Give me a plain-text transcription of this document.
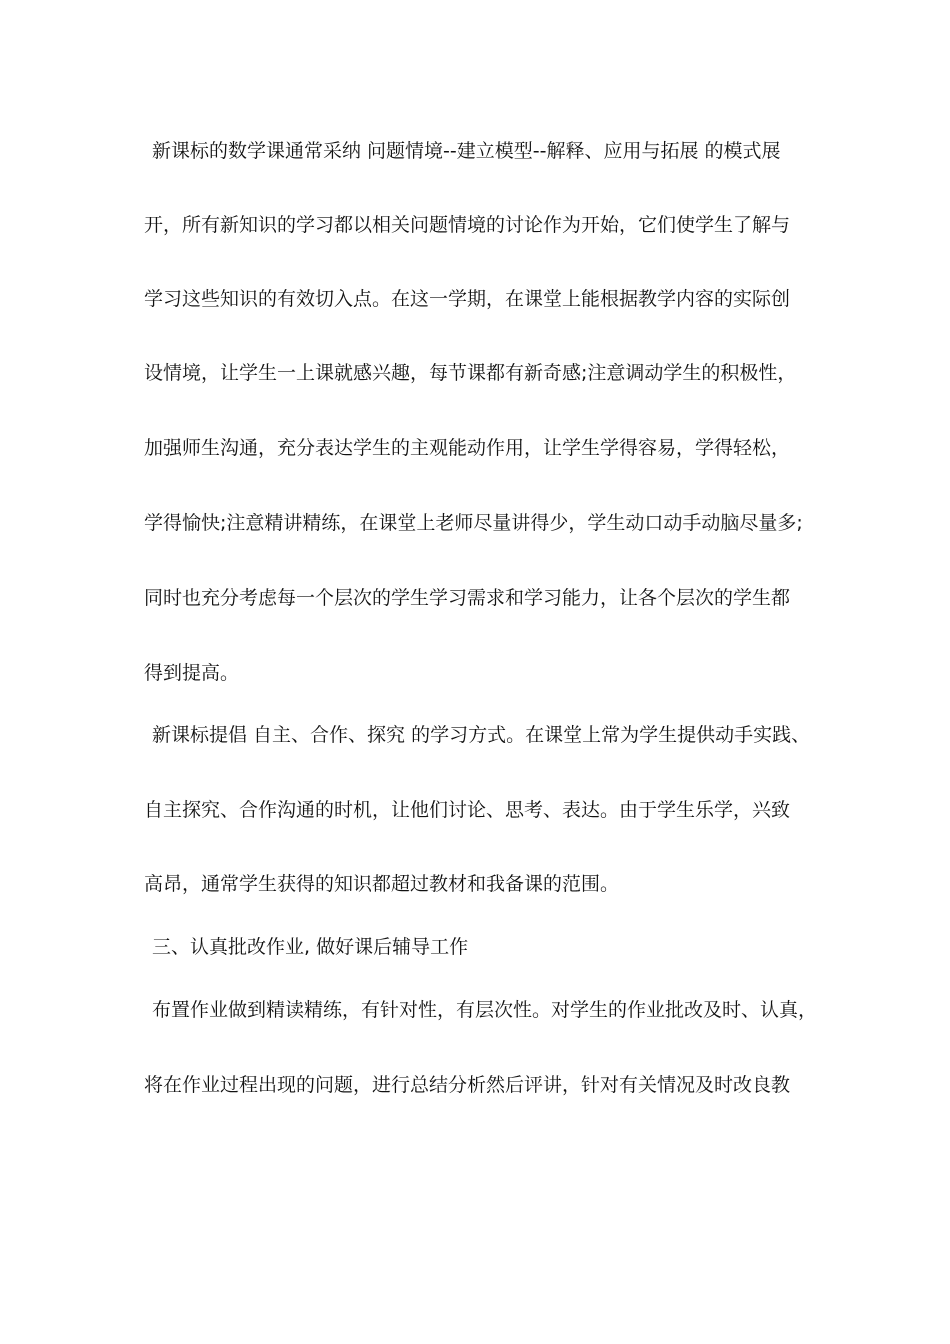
新课标的数学课通常采纳 问题情境--建立模型--解释、应用与拓展 的模式展
开，所有新知识的学习都以相关问题情境的讨论作为开始，它们使学生了解与
学习这些知识的有效切入点。在这一学期，在课堂上能根据教学内容的实际创
设情境，让学生一上课就感兴趣，每节课都有新奇感;注意调动学生的积极性，
加强师生沟通，充分表达学生的主观能动作用，让学生学得容易，学得轻松，
学得愉快;注意精讲精练，在课堂上老师尽量讲得少，学生动口动手动脑尽量多;
同时也充分考虑每一个层次的学生学习需求和学习能力，让各个层次的学生都
得到提高。
新课标提倡 自主、合作、探究 的学习方式。在课堂上常为学生提供动手实践、
自主探究、合作沟通的时机，让他们讨论、思考、表达。由于学生乐学，兴致
高昂，通常学生获得的知识都超过教材和我备课的范围。
三、认真批改作业, 做好课后辅导工作
布置作业做到精读精练，有针对性，有层次性。对学生的作业批改及时、认真，
将在作业过程出现的问题，进行总结分析然后评讲，针对有关情况及时改良教
